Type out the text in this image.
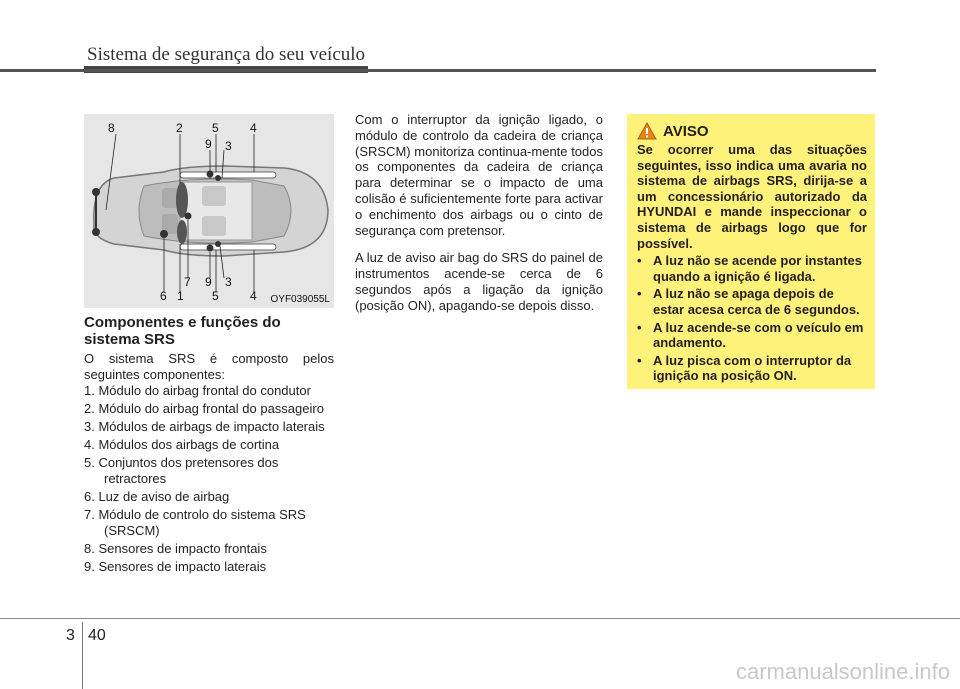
Sistema de segurança do seu veículo
8	2 5	4
9 3
7 9 3
6 1 5	4 OYF039055L
Componentes e funções do sistema SRS
O sistema SRS é composto pelos seguintes componentes:
1. Módulo do airbag frontal do condutor
2. Módulo do airbag frontal do passageiro
3. Módulos de airbags de impacto laterais
4. Módulos dos airbags de cortina
5. Conjuntos dos pretensores dos retractores
6. Luz de aviso de airbag
7. Módulo de controlo do sistema SRS (SRSCM)
8. Sensores de impacto frontais
9. Sensores de impacto laterais

Com o interruptor da ignição ligado, o módulo de controlo da cadeira de criança (SRSCM) monitoriza continua-mente todos os componentes da cadeira de criança para determinar se o impacto de uma colisão é suficientemente forte para activar o enchimento dos airbags ou o cinto de segurança com pretensor.

A luz de aviso air bag do SRS do painel de instrumentos acende-se cerca de 6 segundos após a ligação da ignição (posição ON), apagando-se depois disso.

AVISO
Se ocorrer uma das situações seguintes, isso indica uma avaria no sistema de airbags SRS, dirija-se a um concessionário autorizado da HYUNDAI e mande inspeccionar o sistema de airbags logo que for possível.
• A luz não se acende por instantes quando a ignição é ligada.
• A luz não se apaga depois de estar acesa cerca de 6 segundos.
• A luz acende-se com o veículo em andamento.
• A luz pisca com o interruptor da ignição na posição ON.
3 40
carmanualsonline.info
